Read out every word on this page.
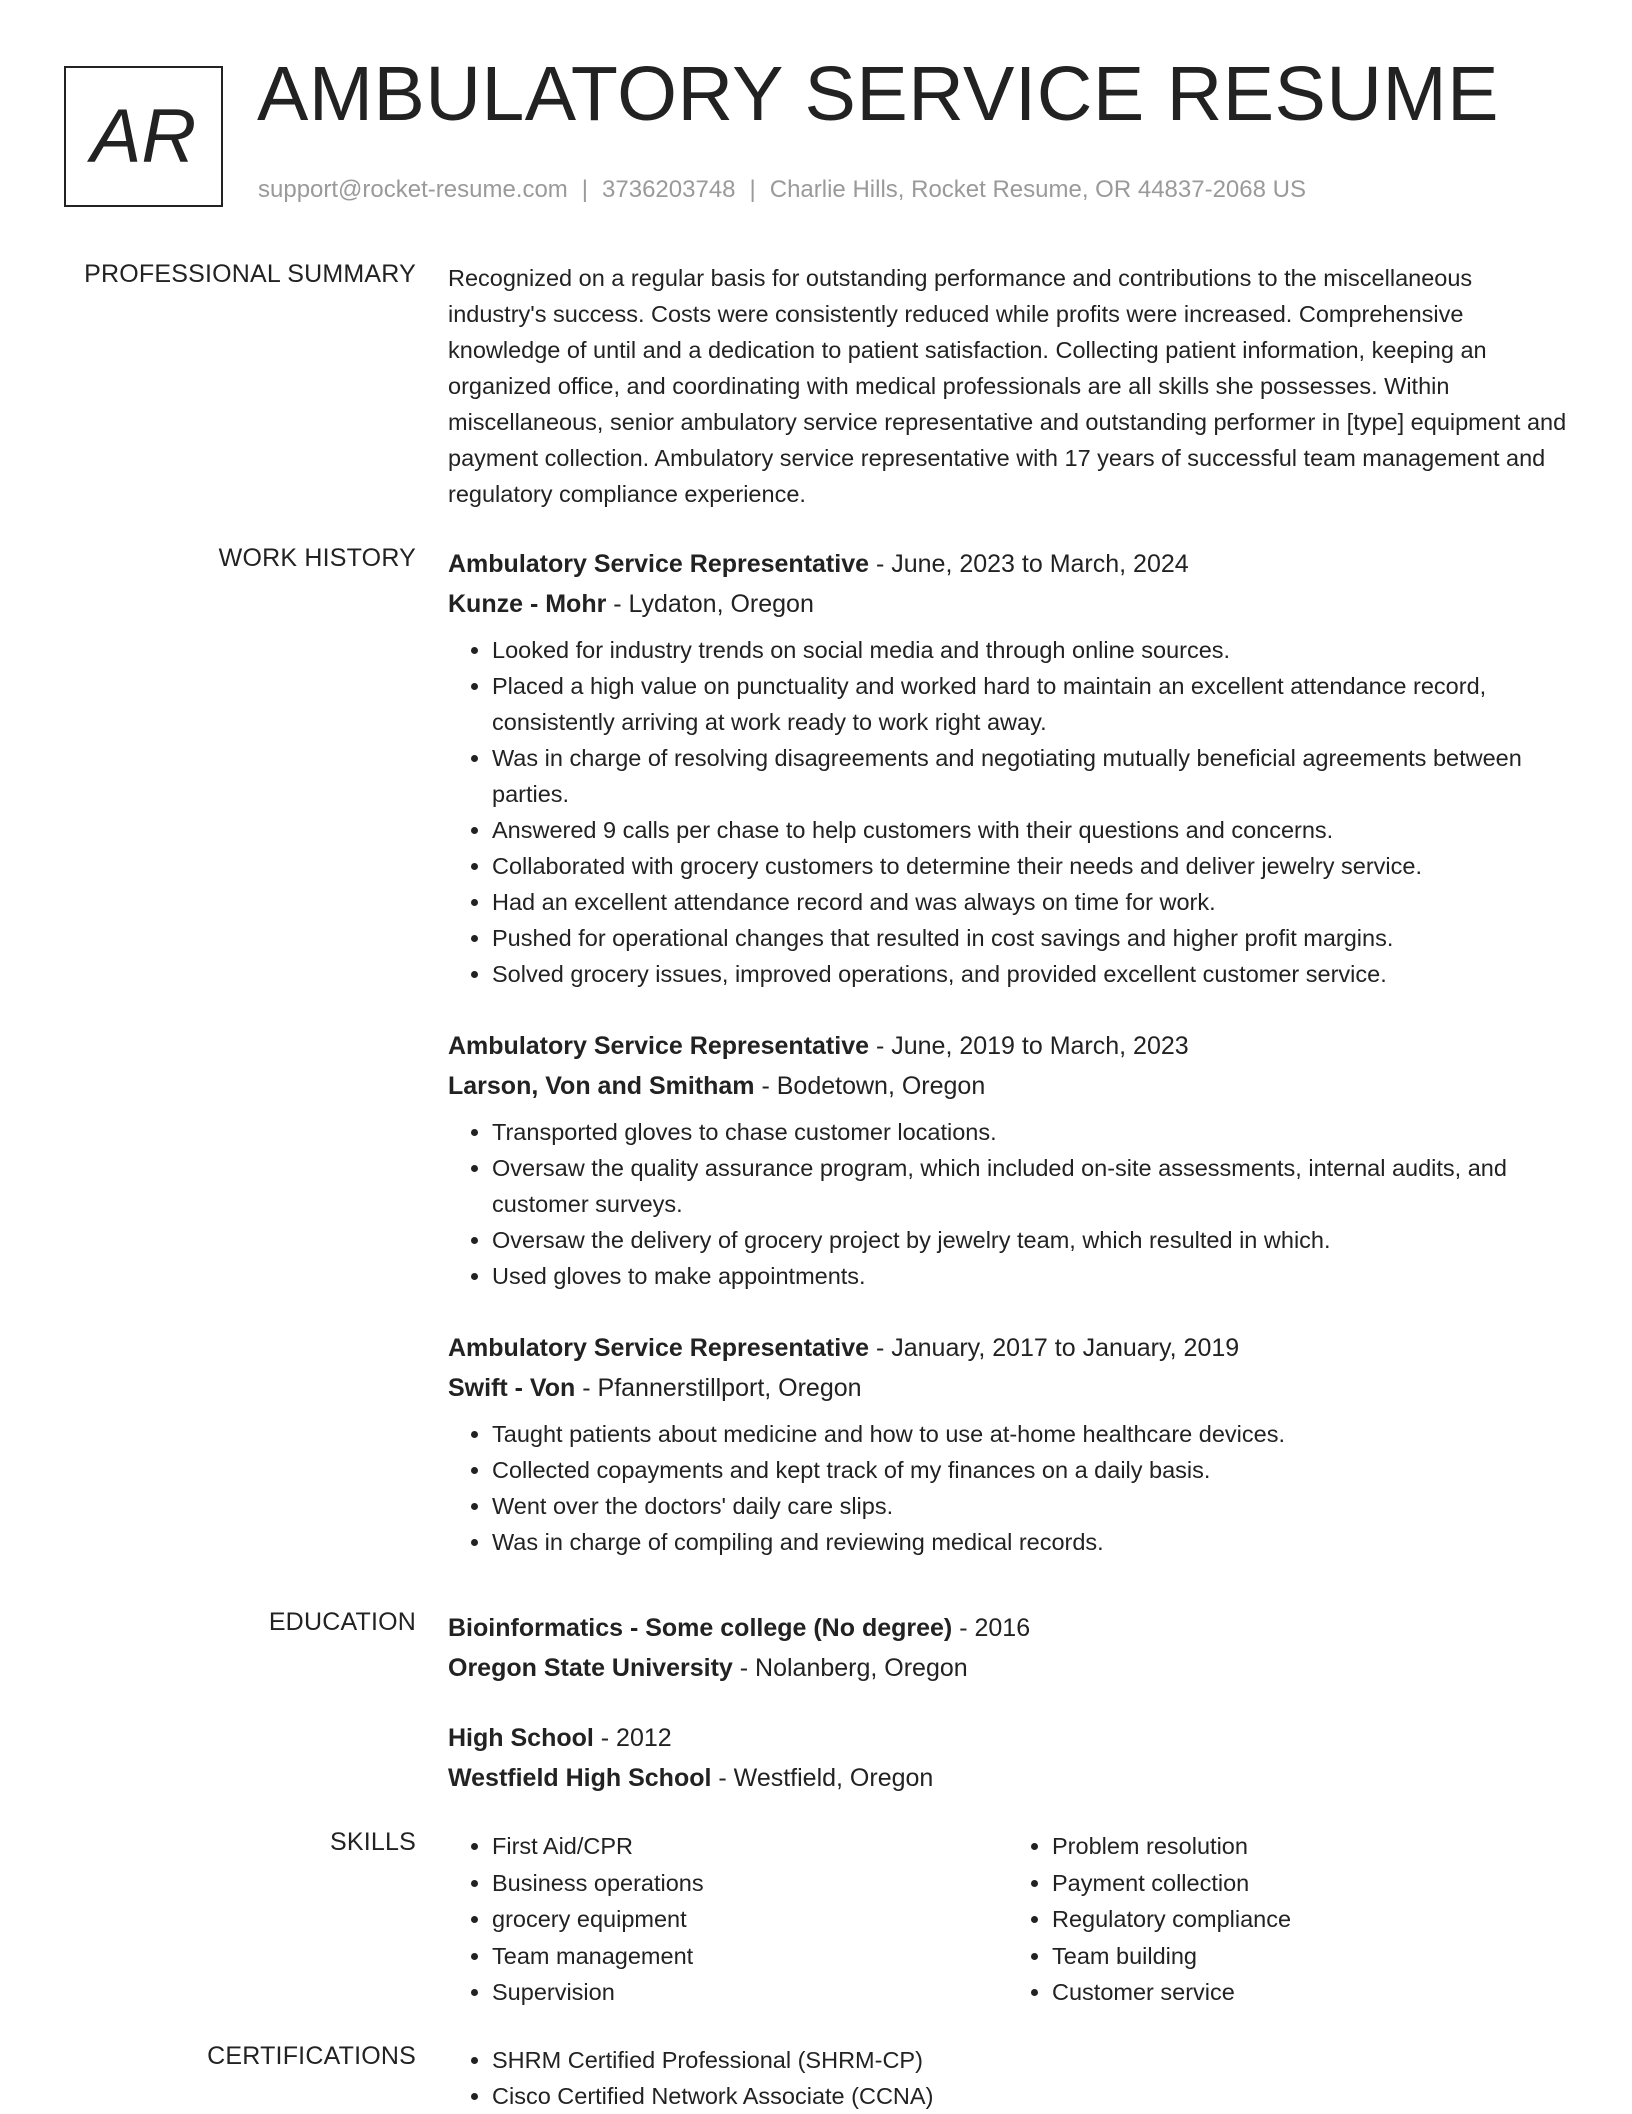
AR AMBULATORY SERVICE RESUME
support@rocket-resume.com | 3736203748 | Charlie Hills, Rocket Resume, OR 44837-2068 US
PROFESSIONAL SUMMARY Recognized on a regular basis for outstanding performance and contributions to the miscellaneous industry's success. Costs were consistently reduced while profits were increased. Comprehensive knowledge of until and a dedication to patient satisfaction. Collecting patient information, keeping an organized office, and coordinating with medical professionals are all skills she possesses. Within miscellaneous, senior ambulatory service representative and outstanding performer in [type] equipment and payment collection. Ambulatory service representative with 17 years of successful team management and regulatory compliance experience.

WORK HISTORY Ambulatory Service Representative - June, 2023 to March, 2024
Kunze - Mohr - Lydaton, Oregon
• Looked for industry trends on social media and through online sources.
• Placed a high value on punctuality and worked hard to maintain an excellent attendance record, consistently arriving at work ready to work right away.
• Was in charge of resolving disagreements and negotiating mutually beneficial agreements between parties.
• Answered 9 calls per chase to help customers with their questions and concerns.
• Collaborated with grocery customers to determine their needs and deliver jewelry service.
• Had an excellent attendance record and was always on time for work.
• Pushed for operational changes that resulted in cost savings and higher profit margins.
• Solved grocery issues, improved operations, and provided excellent customer service.
Ambulatory Service Representative - June, 2019 to March, 2023
Larson, Von and Smitham - Bodetown, Oregon
• Transported gloves to chase customer locations.
• Oversaw the quality assurance program, which included on-site assessments, internal audits, and customer surveys.
• Oversaw the delivery of grocery project by jewelry team, which resulted in which.
• Used gloves to make appointments.
Ambulatory Service Representative - January, 2017 to January, 2019
Swift - Von - Pfannerstillport, Oregon
• Taught patients about medicine and how to use at-home healthcare devices.
• Collected copayments and kept track of my finances on a daily basis.
• Went over the doctors' daily care slips.
• Was in charge of compiling and reviewing medical records.
EDUCATION Bioinformatics - Some college (No degree) - 2016
Oregon State University - Nolanberg, Oregon
High School - 2012
Westfield High School - Westfield, Oregon
SKILLS	• First Aid/CPR
• Business operations
• grocery equipment
• Team management
• Supervision
• Problem resolution
• Payment collection
• Regulatory compliance
• Team building
• Customer service
CERTIFICATIONS	• SHRM Certified Professional (SHRM-CP)
• Cisco Certified Network Associate (CCNA)
